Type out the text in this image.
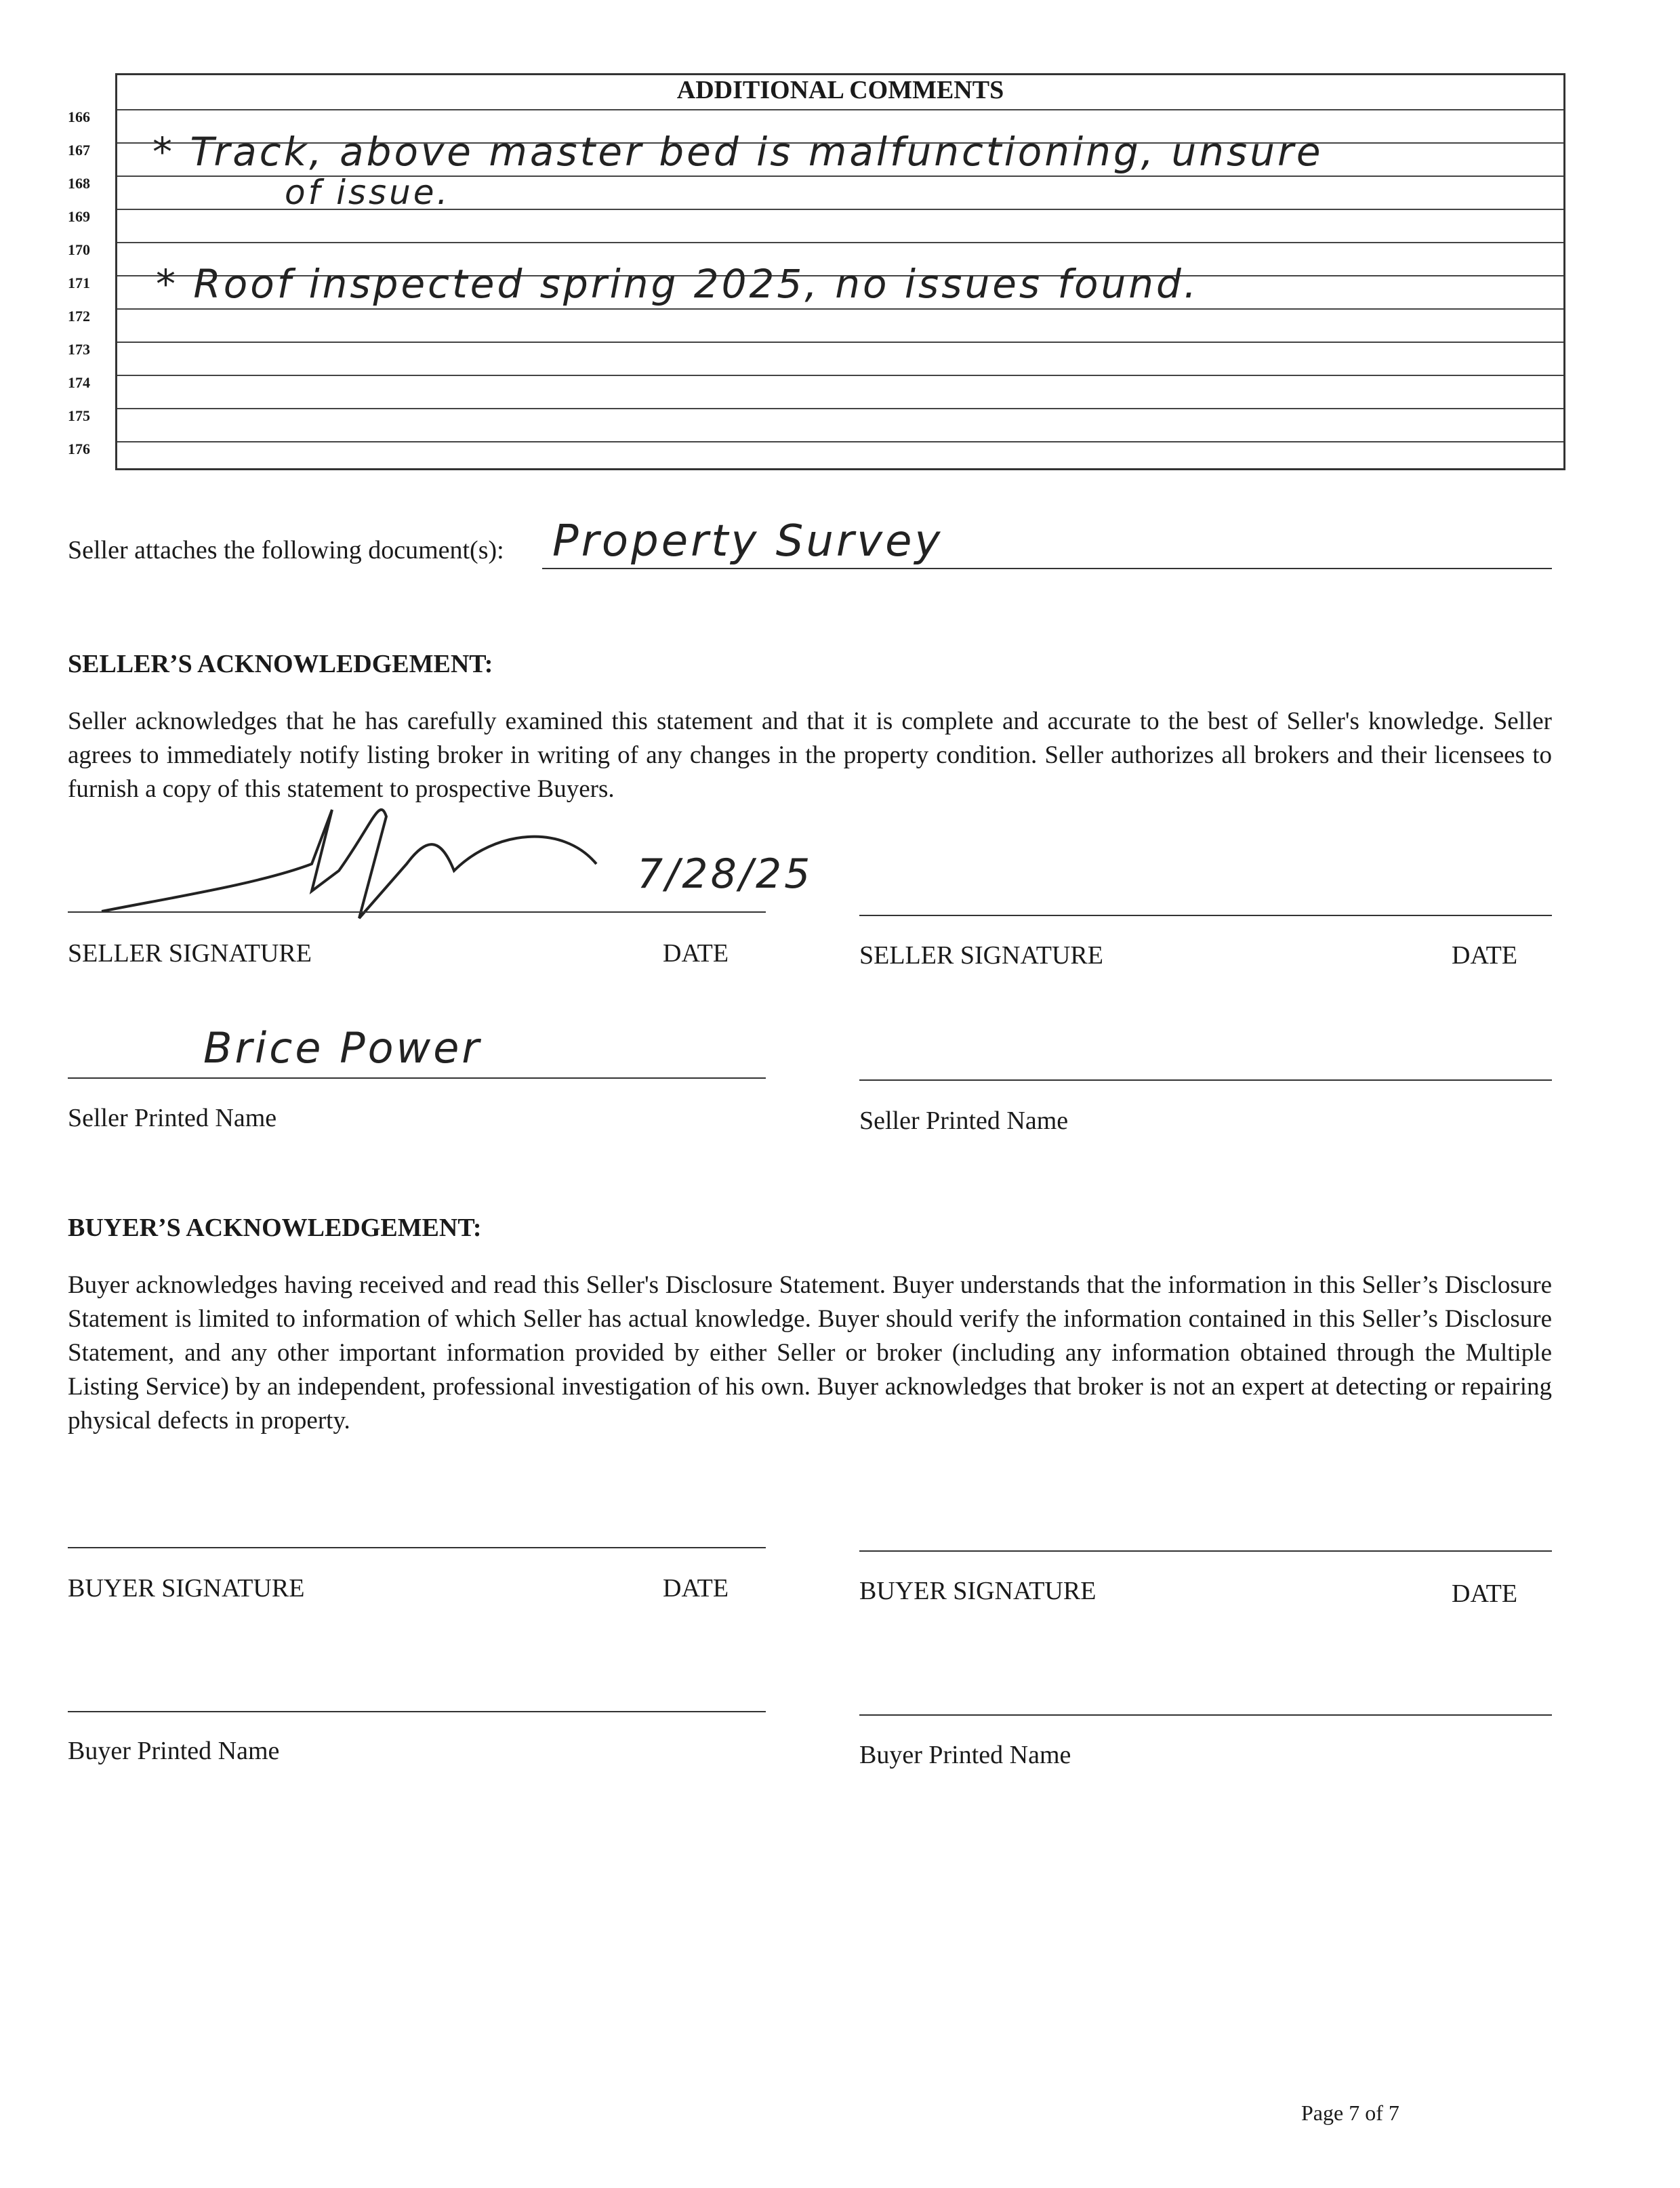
ADDITIONAL COMMENTS
166
167
168
169
170
171
172
173
174
175
176
* Track, above master bed is malfunctioning, unsure
of issue.
* Roof inspected spring 2025, no issues found.
Seller attaches the following document(s): Property Survey
SELLER’S ACKNOWLEDGEMENT:
Seller acknowledges that he has carefully examined this statement and that it is complete and accurate to the best of Seller's knowledge. Seller agrees to immediately notify listing broker in writing of any changes in the property condition. Seller authorizes all brokers and their licensees to furnish a copy of this statement to prospective Buyers.
7/28/25
SELLER SIGNATURE	DATE	SELLER SIGNATURE	DATE
Brice Power
Seller Printed Name	Seller Printed Name
BUYER’S ACKNOWLEDGEMENT:
Buyer acknowledges having received and read this Seller's Disclosure Statement. Buyer understands that the information in this Seller’s Disclosure Statement is limited to information of which Seller has actual knowledge. Buyer should verify the information contained in this Seller’s Disclosure Statement, and any other important information provided by either Seller or broker (including any information obtained through the Multiple Listing Service) by an independent, professional investigation of his own. Buyer acknowledges that broker is not an expert at detecting or repairing physical defects in property.
BUYER SIGNATURE	DATE	BUYER SIGNATURE	DATE
Buyer Printed Name	Buyer Printed Name
Page 7 of 7
